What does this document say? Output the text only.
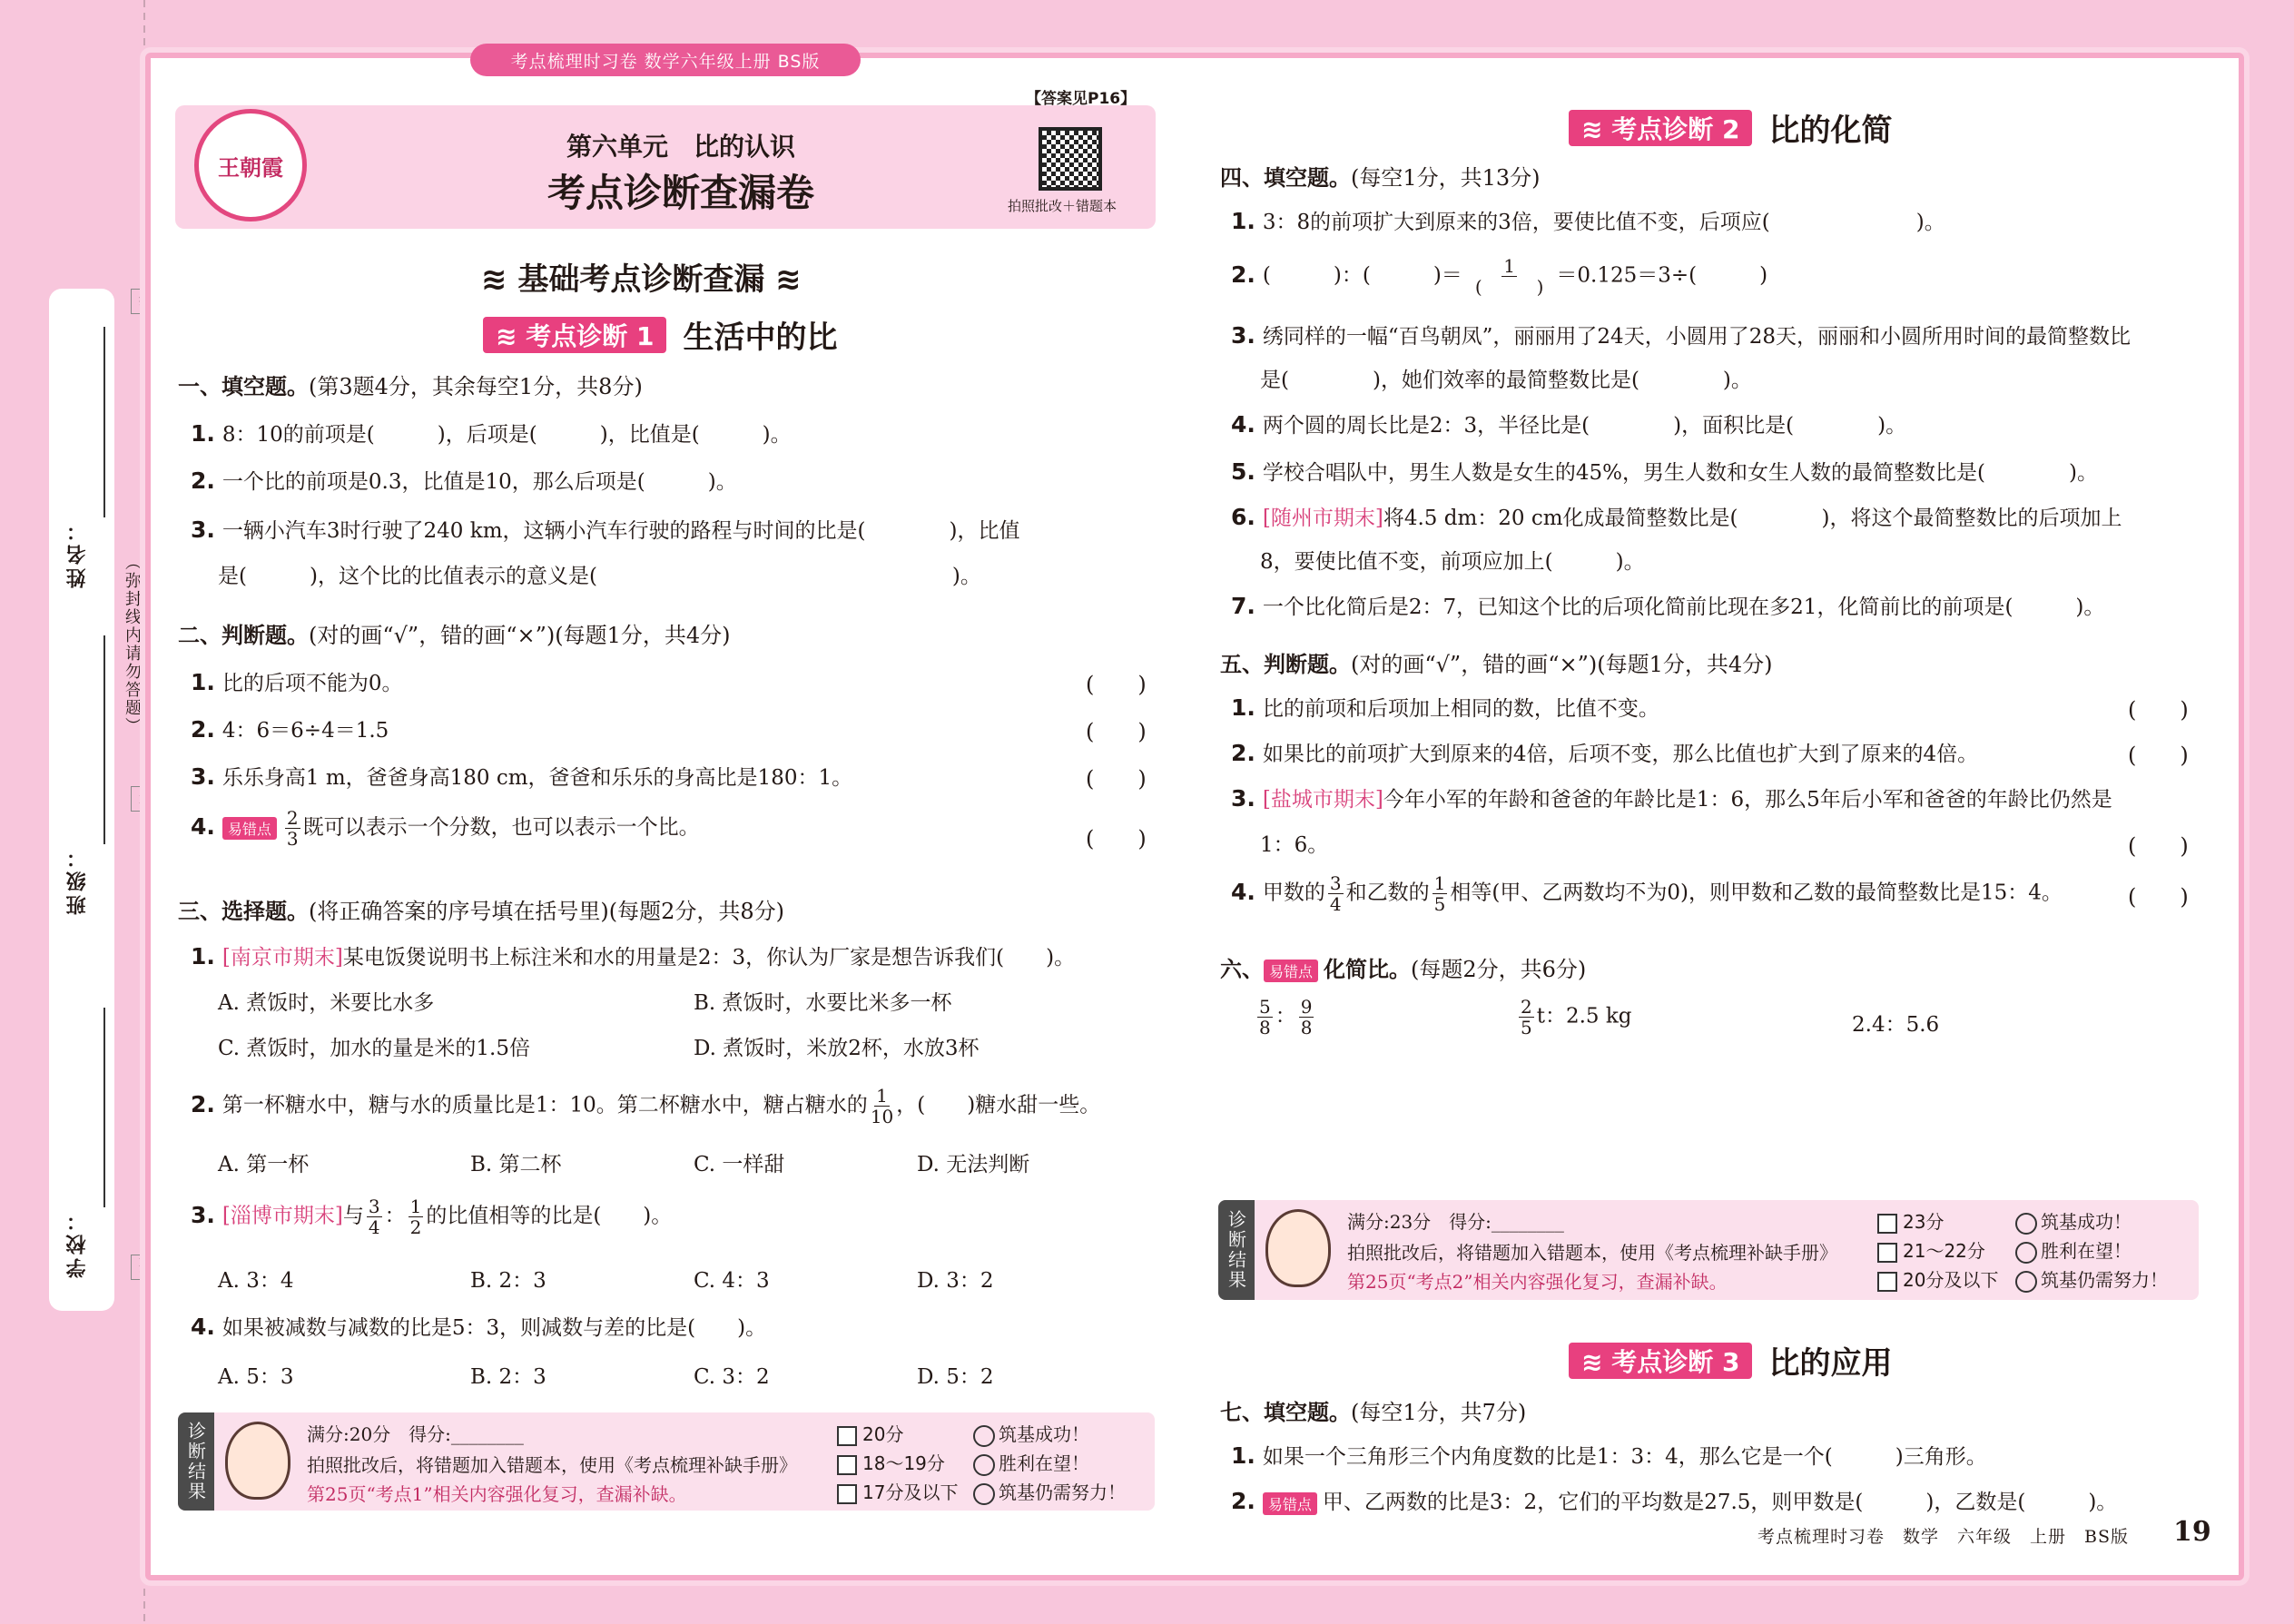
姓名：
班级：
学校：
（弥封线内请勿答题）
考点梳理时习卷 数学六年级上册 BS版
王朝霞
【答案见P16】
第六单元　比的认识
考点诊断查漏卷	拍照批改＋错题本
≋ 基础考点诊断查漏 ≋
≋ 考点诊断 1 生活中的比
一、填空题。(第3题4分，其余每空1分，共8分)
1. 8：10的前项是(　　　)，后项是(　　　)，比值是(　　　)。
2. 一个比的前项是0.3，比值是10，那么后项是(　　　)。
3. 一辆小汽车3时行驶了240 km，这辆小汽车行驶的路程与时间的比是(　　　　)，比值
是(　　　)，这个比的比值表示的意义是(　　　　　　　　　　　　　　　　　)。
二、判断题。(对的画“√”，错的画“×”)(每题1分，共4分)
1. 比的后项不能为0。	(　　)
2. 4：6＝6÷4＝1.5	(　　)
3. 乐乐身高1 m，爸爸身高180 cm，爸爸和乐乐的身高比是180：1。	(　　)
4. 易错点 $\frac{2}{3}$ 既可以表示一个分数，也可以表示一个比。	(　　)
三、选择题。(将正确答案的序号填在括号里)(每题2分，共8分)
1. [南京市期末]某电饭煲说明书上标注米和水的用量是2：3，你认为厂家是想告诉我们(　　)。
A. 煮饭时，米要比水多	B. 煮饭时，水要比米多一杯
C. 煮饭时，加水的量是米的1.5倍	D. 煮饭时，米放2杯，水放3杯
2. 第一杯糖水中，糖与水的质量比是1：10。第二杯糖水中，糖占糖水的 $\frac{1}{10}$ ，(　　)糖水甜一些。
A. 第一杯	B. 第二杯	C. 一样甜	D. 无法判断
3. [淄博市期末]与 $\frac{3}{4}$ ： $\frac{1}{2}$ 的比值相等的比是(　　)。
A. 3：4	B. 2：3	C. 4：3	D. 3：2
4. 如果被减数与减数的比是5：3，则减数与差的比是(　　)。
A. 5：3	B. 2：3	C. 3：2	D. 5：2
诊断结果	满分:20分　得分:________
拍照批改后，将错题加入错题本，使用《考点梳理补缺手册》
第25页“考点1”相关内容强化复习，查漏补缺。
20分
18～19分
17分及以下
筑基成功！
胜利在望！
筑基仍需努力！
≋ 考点诊断 2 比的化简
四、填空题。(每空1分，共13分)
1. 3：8的前项扩大到原来的3倍，要使比值不变，后项应(　　　　　　　)。
2. (　　　)：(　　　)＝ $\frac{1}{( )} =0.125=3\div$(　　　)
3. 绣同样的一幅“百鸟朝凤”，丽丽用了24天，小圆用了28天，丽丽和小圆所用时间的最简整数比
是(　　　　)，她们效率的最简整数比是(　　　　)。
4. 两个圆的周长比是2：3，半径比是(　　　　)，面积比是(　　　　)。
5. 学校合唱队中，男生人数是女生的45%，男生人数和女生人数的最简整数比是(　　　　)。
6. [随州市期末]将4.5 dm：20 cm化成最简整数比是(　　　　)，将这个最简整数比的后项加上
8，要使比值不变，前项应加上(　　　)。
7. 一个比化简后是2：7，已知这个比的后项化简前比现在多21，化简前比的前项是(　　　)。
五、判断题。(对的画“√”，错的画“×”)(每题1分，共4分)
1. 比的前项和后项加上相同的数，比值不变。	(　　)
2. 如果比的前项扩大到原来的4倍，后项不变，那么比值也扩大到了原来的4倍。	(　　)
3. [盐城市期末]今年小军的年龄和爸爸的年龄比是1：6，那么5年后小军和爸爸的年龄比仍然是
1：6。	(　　)
4. 甲数的 $\frac{3}{4}$ 和乙数的 $\frac{1}{5}$ 相等(甲、乙两数均不为0)，则甲数和乙数的最简整数比是15：4。	(　　)
六、 易错点 化简比。(每题2分，共6分)
$\frac{5}{8}$ ： $\frac{9}{8}$	$\frac{2}{5}$ t：2.5 kg	2.4：5.6
诊断结果	满分:23分　得分:________
拍照批改后，将错题加入错题本，使用《考点梳理补缺手册》
第25页“考点2”相关内容强化复习，查漏补缺。
23分
21～22分
20分及以下
筑基成功！
胜利在望！
筑基仍需努力！
≋ 考点诊断 3 比的应用
七、填空题。(每空1分，共7分)
1. 如果一个三角形三个内角度数的比是1：3：4，那么它是一个(　　　)三角形。
2. 易错点 甲、乙两数的比是3：2，它们的平均数是27.5，则甲数是(　　　)，乙数是(　　　)。
考点梳理时习卷　数学　六年级　上册　BS版 19
